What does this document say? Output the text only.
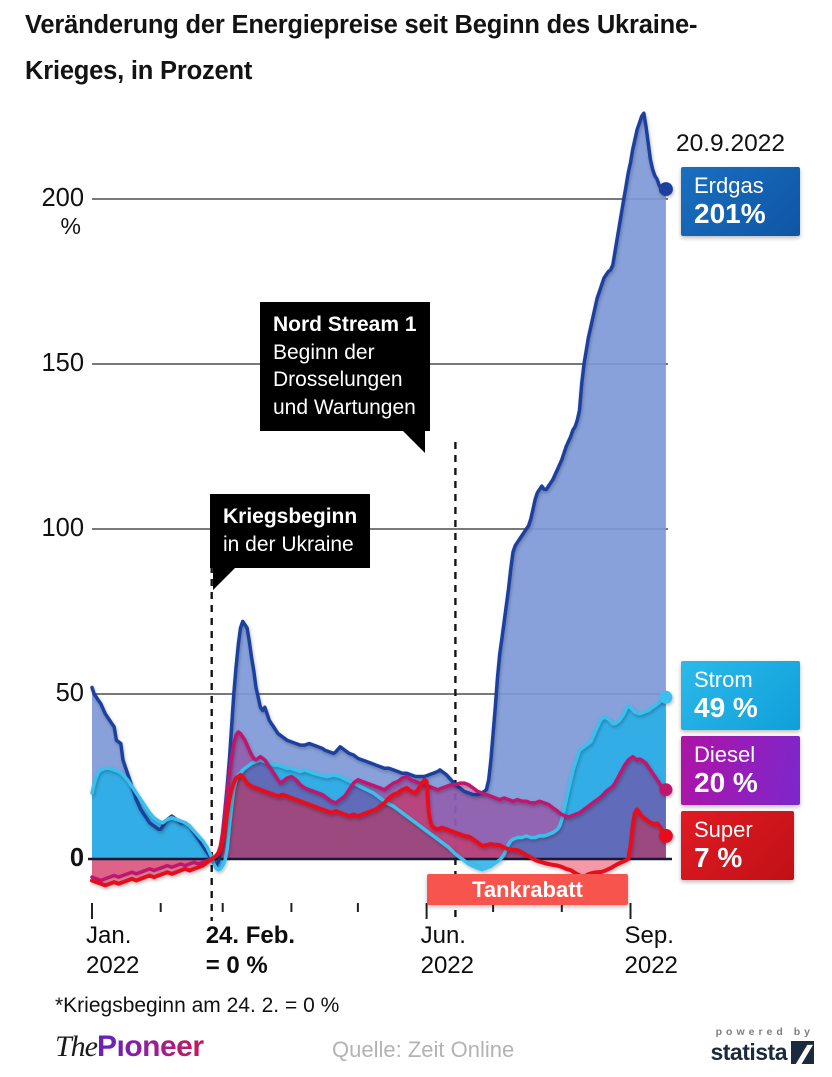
Veränderung der Energiepreise seit Beginn des Ukraine-
Krieges, in Prozent
200
%
150
100
50
0
Jan.
2022
24. Feb.
= 0 %
Jun.
2022
Sep.
2022
Nord Stream 1
Beginn der
Drosselungen
und Wartungen
Kriegsbeginn
in der Ukraine
20.9.2022
Erdgas
201%
Strom
49 %
Diesel
20 %
Super
7 %
Tankrabatt
*Kriegsbeginn am 24. 2. = 0 %
ThePıoneer	Quelle: Zeit Online
powered by
statista
